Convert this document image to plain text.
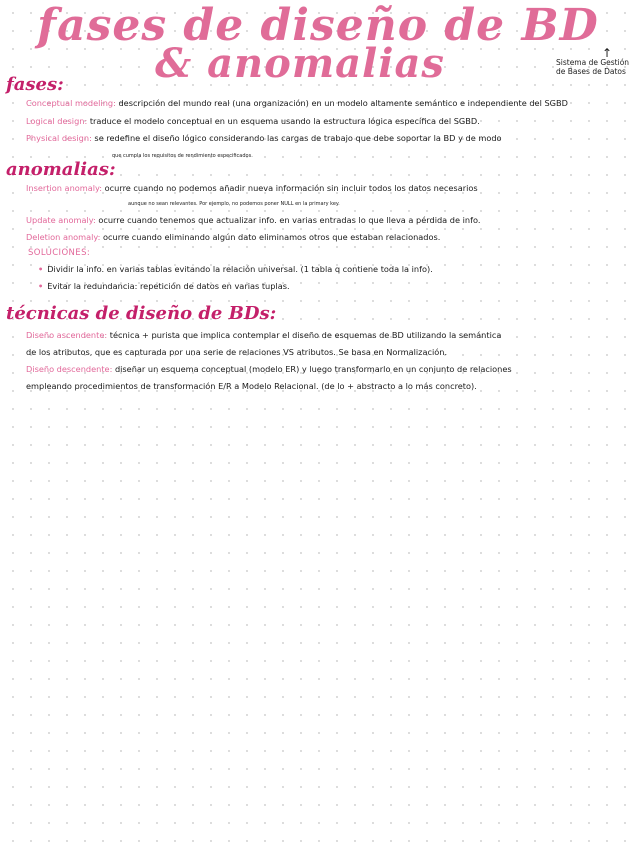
fases de diseño de BD
& anomalias	↑
Sistema de Gestión de Bases de Datos
fases:

Conceptual modeling: descripción del mundo real (una organización) en un modelo altamente semántico e independiente del SGBD

Logical design: traduce el modelo conceptual en un esquema usando la estructura lógica específica del SGBD.

Physical design: se redefine el diseño lógico considerando las cargas de trabajo que debe soportar la BD y de modo

que cumpla los requisitos de rendimiento especificados.

anomalias:

Insertion anomaly: ocurre cuando no podemos añadir nueva información sin incluir todos los datos necesarios

aunque no sean relevantes. Por ejemplo, no podemos poner NULL en la primary key.

Update anomaly: ocurre cuando tenemos que actualizar info. en varias entradas lo que lleva a pérdida de info.

Deletion anomaly: ocurre cuando eliminando algún dato eliminamos otros que estaban relacionados.

SOLUCIONES:

• Dividir la info. en varias tablas evitando la relación universal. (1 tabla q contiene toda la info).

• Evitar la redundancia: repetición de datos en varias tuplas.

técnicas de diseño de BDs:

Diseño ascendente: técnica + purista que implica contemplar el diseño de esquemas de BD utilizando la semántica

de los atributos, que es capturada por una serie de relaciones VS atributos. Se basa en Normalización.

Diseño descendente: diseñar un esquema conceptual (modelo ER) y luego transformarlo en un conjunto de relaciones

empleando procedimientos de transformación E/R a Modelo Relacional. (de lo + abstracto a lo más concreto).
